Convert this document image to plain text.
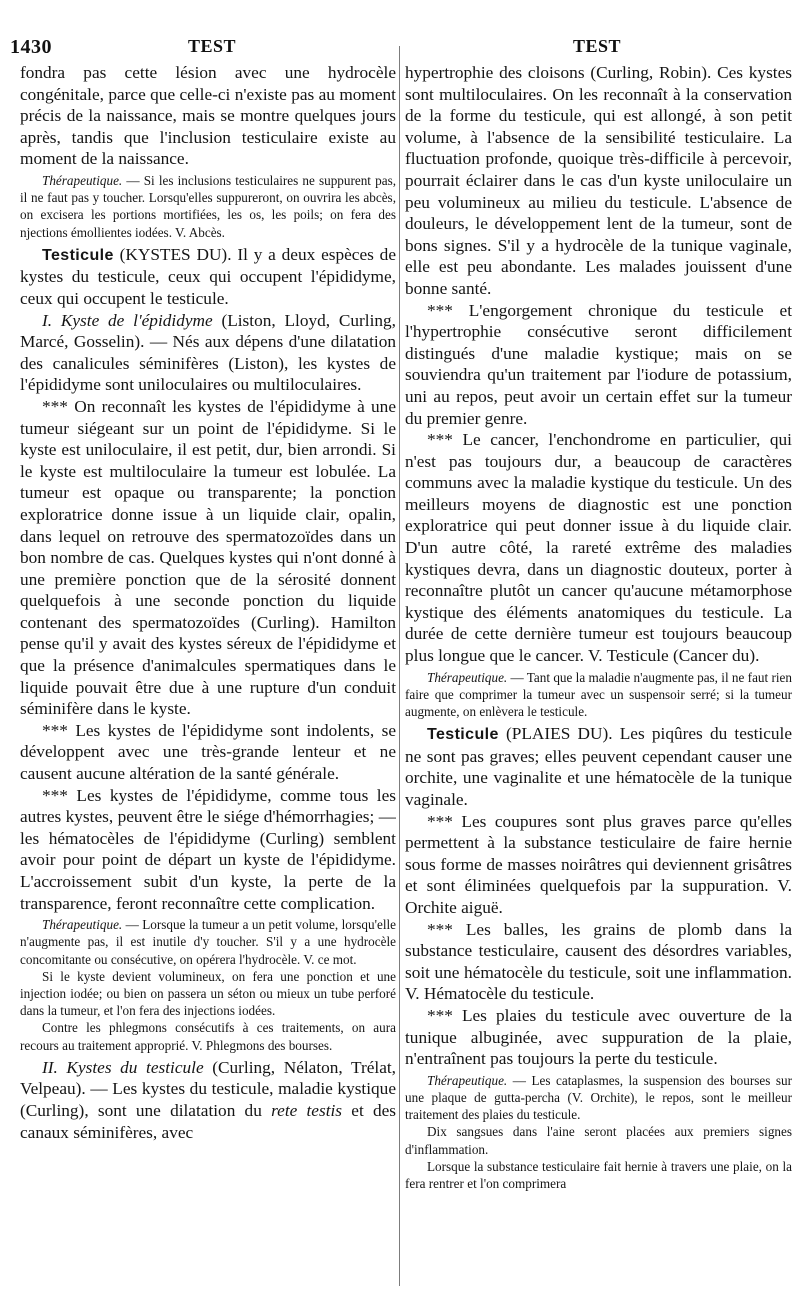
1430	TEST	TEST

fondra pas cette lésion avec une hydrocèle congénitale, parce que celle-ci n'existe pas au moment précis de la naissance, mais se montre quelques jours après, tandis que l'inclusion testiculaire existe au moment de la naissance.

Thérapeutique. — Si les inclusions testiculaires ne suppurent pas, il ne faut pas y toucher. Lorsqu'elles suppureront, on ouvrira les abcès, on excisera les portions mortifiées, les os, les poils; on fera des njections émollientes iodées. V. Abcès.

Testicule (KYSTES DU). Il y a deux espèces de kystes du testicule, ceux qui occupent l'épididyme, ceux qui occupent le testicule.

I. Kyste de l'épididyme (Liston, Lloyd, Curling, Marcé, Gosselin). — Nés aux dépens d'une dilatation des canalicules séminifères (Liston), les kystes de l'épididyme sont uniloculaires ou multiloculaires.

*** On reconnaît les kystes de l'épididyme à une tumeur siégeant sur un point de l'épididyme. Si le kyste est uniloculaire, il est petit, dur, bien arrondi. Si le kyste est multiloculaire la tumeur est lobulée. La tumeur est opaque ou transparente; la ponction exploratrice donne issue à un liquide clair, opalin, dans lequel on retrouve des spermatozoïdes dans un bon nombre de cas. Quelques kystes qui n'ont donné à une première ponction que de la sérosité donnent quelquefois à une seconde ponction du liquide contenant des spermatozoïdes (Curling). Hamilton pense qu'il y avait des kystes séreux de l'épididyme et que la présence d'animalcules spermatiques dans le liquide pouvait être due à une rupture d'un conduit séminifère dans le kyste.

*** Les kystes de l'épididyme sont indolents, se développent avec une très-grande lenteur et ne causent aucune altération de la santé générale.

*** Les kystes de l'épididyme, comme tous les autres kystes, peuvent être le siége d'hémorrhagies; — les hématocèles de l'épididyme (Curling) semblent avoir pour point de départ un kyste de l'épididyme. L'accroissement subit d'un kyste, la perte de la transparence, feront reconnaître cette complication.

Thérapeutique. — Lorsque la tumeur a un petit volume, lorsqu'elle n'augmente pas, il est inutile d'y toucher. S'il y a une hydrocèle concomitante ou consécutive, on opérera l'hydrocèle. V. ce mot.

Si le kyste devient volumineux, on fera une ponction et une injection iodée; ou bien on passera un séton ou mieux un tube perforé dans la tumeur, et l'on fera des injections iodées.

Contre les phlegmons consécutifs à ces traitements, on aura recours au traitement approprié. V. Phlegmons des bourses.

II. Kystes du testicule (Curling, Nélaton, Trélat, Velpeau). — Les kystes du testicule, maladie kystique (Curling), sont une dilatation du rete testis et des canaux séminifères, avec

hypertrophie des cloisons (Curling, Robin). Ces kystes sont multiloculaires. On les reconnaît à la conservation de la forme du testicule, qui est allongé, à son petit volume, à l'absence de la sensibilité testiculaire. La fluctuation profonde, quoique très-difficile à percevoir, pourrait éclairer dans le cas d'un kyste uniloculaire un peu volumineux au milieu du testicule. L'absence de douleurs, le développement lent de la tumeur, sont de bons signes. S'il y a hydrocèle de la tunique vaginale, elle est peu abondante. Les malades jouissent d'une bonne santé.

*** L'engorgement chronique du testicule et l'hypertrophie consécutive seront difficilement distingués d'une maladie kystique; mais on se souviendra qu'un traitement par l'iodure de potassium, uni au repos, peut avoir un certain effet sur la tumeur du premier genre.

*** Le cancer, l'enchondrome en particulier, qui n'est pas toujours dur, a beaucoup de caractères communs avec la maladie kystique du testicule. Un des meilleurs moyens de diagnostic est une ponction exploratrice qui peut donner issue à du liquide clair. D'un autre côté, la rareté extrême des maladies kystiques devra, dans un diagnostic douteux, porter à reconnaître plutôt un cancer qu'aucune métamorphose kystique des éléments anatomiques du testicule. La durée de cette dernière tumeur est toujours beaucoup plus longue que le cancer. V. Testicule (Cancer du).

Thérapeutique. — Tant que la maladie n'augmente pas, il ne faut rien faire que comprimer la tumeur avec un suspensoir serré; si la tumeur augmente, on enlèvera le testicule.

Testicule (PLAIES DU). Les piqûres du testicule ne sont pas graves; elles peuvent cependant causer une orchite, une vaginalite et une hématocèle de la tunique vaginale.

*** Les coupures sont plus graves parce qu'elles permettent à la substance testiculaire de faire hernie sous forme de masses noirâtres qui deviennent grisâtres et sont éliminées quelquefois par la suppuration. V. Orchite aiguë.

*** Les balles, les grains de plomb dans la substance testiculaire, causent des désordres variables, soit une hématocèle du testicule, soit une inflammation. V. Hématocèle du testicule.

*** Les plaies du testicule avec ouverture de la tunique albuginée, avec suppuration de la plaie, n'entraînent pas toujours la perte du testicule.

Thérapeutique. — Les cataplasmes, la suspension des bourses sur une plaque de gutta-percha (V. Orchite), le repos, sont le meilleur traitement des plaies du testicule.

Dix sangsues dans l'aine seront placées aux premiers signes d'inflammation.

Lorsque la substance testiculaire fait hernie à travers une plaie, on la fera rentrer et l'on comprimera
